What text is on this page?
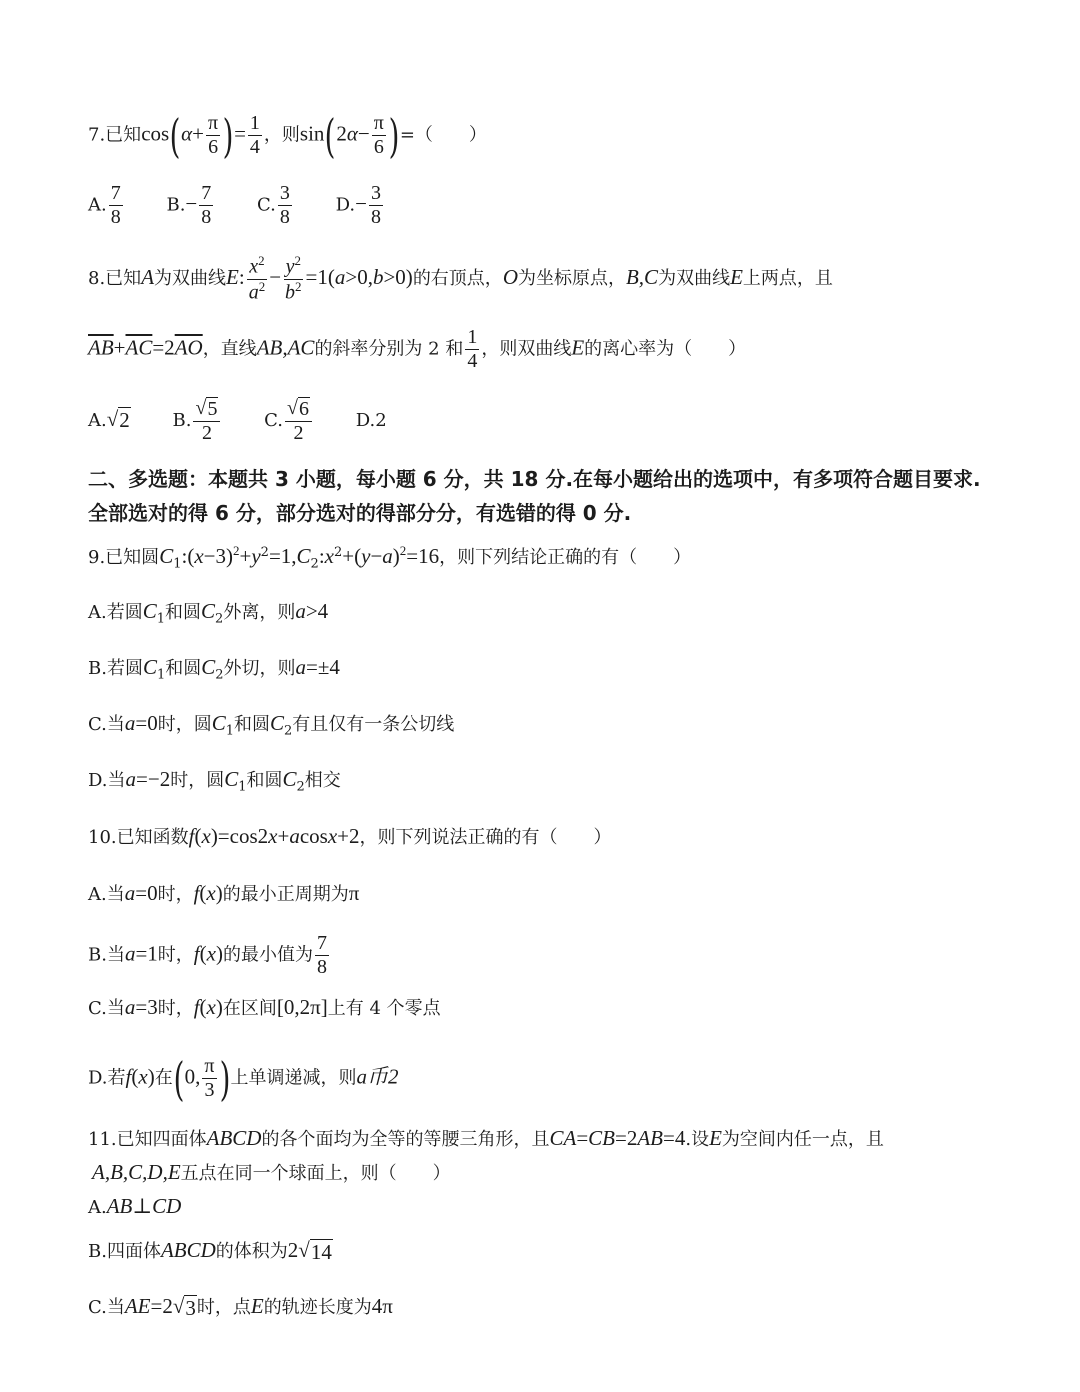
7.已知$\cos(\alpha+ \frac{\pi}{6}$ )= $\frac{1}{4}$ ，则$\sin(2\alpha- \frac{\pi}{6}$ )=（　　）
A. $\frac{7}{8} B.- \frac{7}{8} C$. $\frac{3}{8} D.- \frac{3}{8}$
8.已知A为双曲线E: $\frac{x^2}{a^2} - \frac{y^2}{b^2} =1(a>0,b>0)$的右顶点，O为坐标原点，B,C为双曲线E上两点，且
$\overline{AB}+\overline{AC}=2\overline{AO}$，直线AB,AC的斜率分别为 2 和 $\frac{1}{4}$ ，则双曲线E的离心率为（　　）
A.√2 B. $\frac{√5}{2} C$. $\frac{√6}{2} D.2$
二、多选题：本题共 3 小题，每小题 6 分，共 18 分.在每小题给出的选项中，有多项符合题目要求.全部选对的得 6 分，部分选对的得部分分，有选错的得 0 分.
9.已知圆$C_1:(x-3)^2+y^2=1,C_2:x^2+(y-a)^2=16$，则下列结论正确的有（　　）
A.若圆$C_1$和圆$C_2$外离，则a>4
B.若圆$C_1$和圆$C_2$外切，则a=±4
C.当a=0时，圆$C_1$和圆$C_2$有且仅有一条公切线
D.当a=−2时，圆$C_1$和圆$C_2$相交
10.已知函数f(x)=cos2x+acosx+2，则下列说法正确的有（　　）
A.当a=0时，f(x)的最小正周期为π
B.当a=1时，f(x)的最小值为 $\frac{7}{8}$
C.当a=3时，f(x)在区间[0,2π]上有 4 个零点
D.若f(x)在(0, $\frac{\pi}{3}$ )上单调递减，则a币2
11.已知四面体ABCD的各个面均为全等的等腰三角形，且CA=CB=2AB=4.设E为空间内任一点，且
A,B,C,D,E五点在同一个球面上，则（　　）
A.AB⊥CD
B.四面体ABCD的体积为2√14
C.当AE=2√3时，点E的轨迹长度为4π
